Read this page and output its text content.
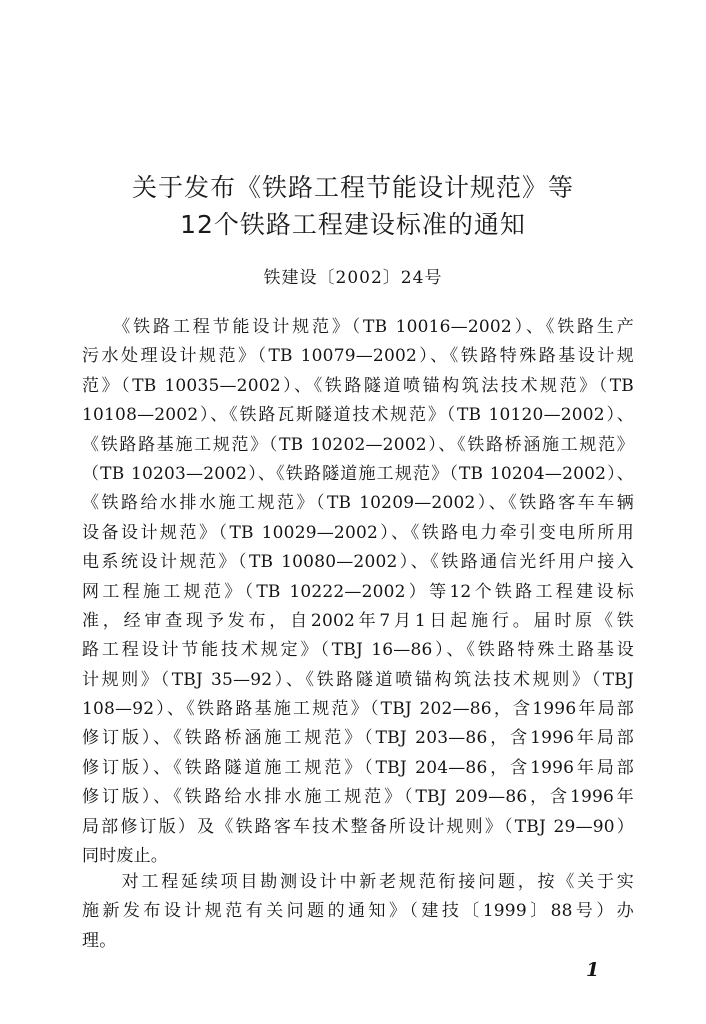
关于发布《铁路工程节能设计规范》等
12个铁路工程建设标准的通知
铁建设〔2002〕24号
　　《铁路工程节能设计规范》（TB 10016—2002）、《铁路生产
污水处理设计规范》（TB 10079—2002）、《铁路特殊路基设计规
范》（TB 10035—2002）、《铁路隧道喷锚构筑法技术规范》（TB
10108—2002）、《铁路瓦斯隧道技术规范》（TB 10120—2002）、
《铁路路基施工规范》（TB 10202—2002）、《铁路桥涵施工规范》
（TB 10203—2002）、《铁路隧道施工规范》（TB 10204—2002）、
《铁路给水排水施工规范》（TB 10209—2002）、《铁路客车车辆
设备设计规范》（TB 10029—2002）、《铁路电力牵引变电所所用
电系统设计规范》（TB 10080—2002）、《铁路通信光纤用户接入
网工程施工规范》（TB 10222—2002）等12个铁路工程建设标
准，经审查现予发布，自2002年7月1日起施行。届时原《铁
路工程设计节能技术规定》（TBJ 16—86）、《铁路特殊土路基设
计规则》（TBJ 35—92）、《铁路隧道喷锚构筑法技术规则》（TBJ
108—92）、《铁路路基施工规范》（TBJ 202—86，含1996年局部
修订版）、《铁路桥涵施工规范》（TBJ 203—86，含1996年局部
修订版）、《铁路隧道施工规范》（TBJ 204—86，含1996年局部
修订版）、《铁路给水排水施工规范》（TBJ 209—86，含1996年
局部修订版）及《铁路客车技术整备所设计规则》（TBJ 29—90）
同时废止。
　　对工程延续项目勘测设计中新老规范衔接问题，按《关于实
施新发布设计规范有关问题的通知》（建技〔1999〕88号）办
理。
1
